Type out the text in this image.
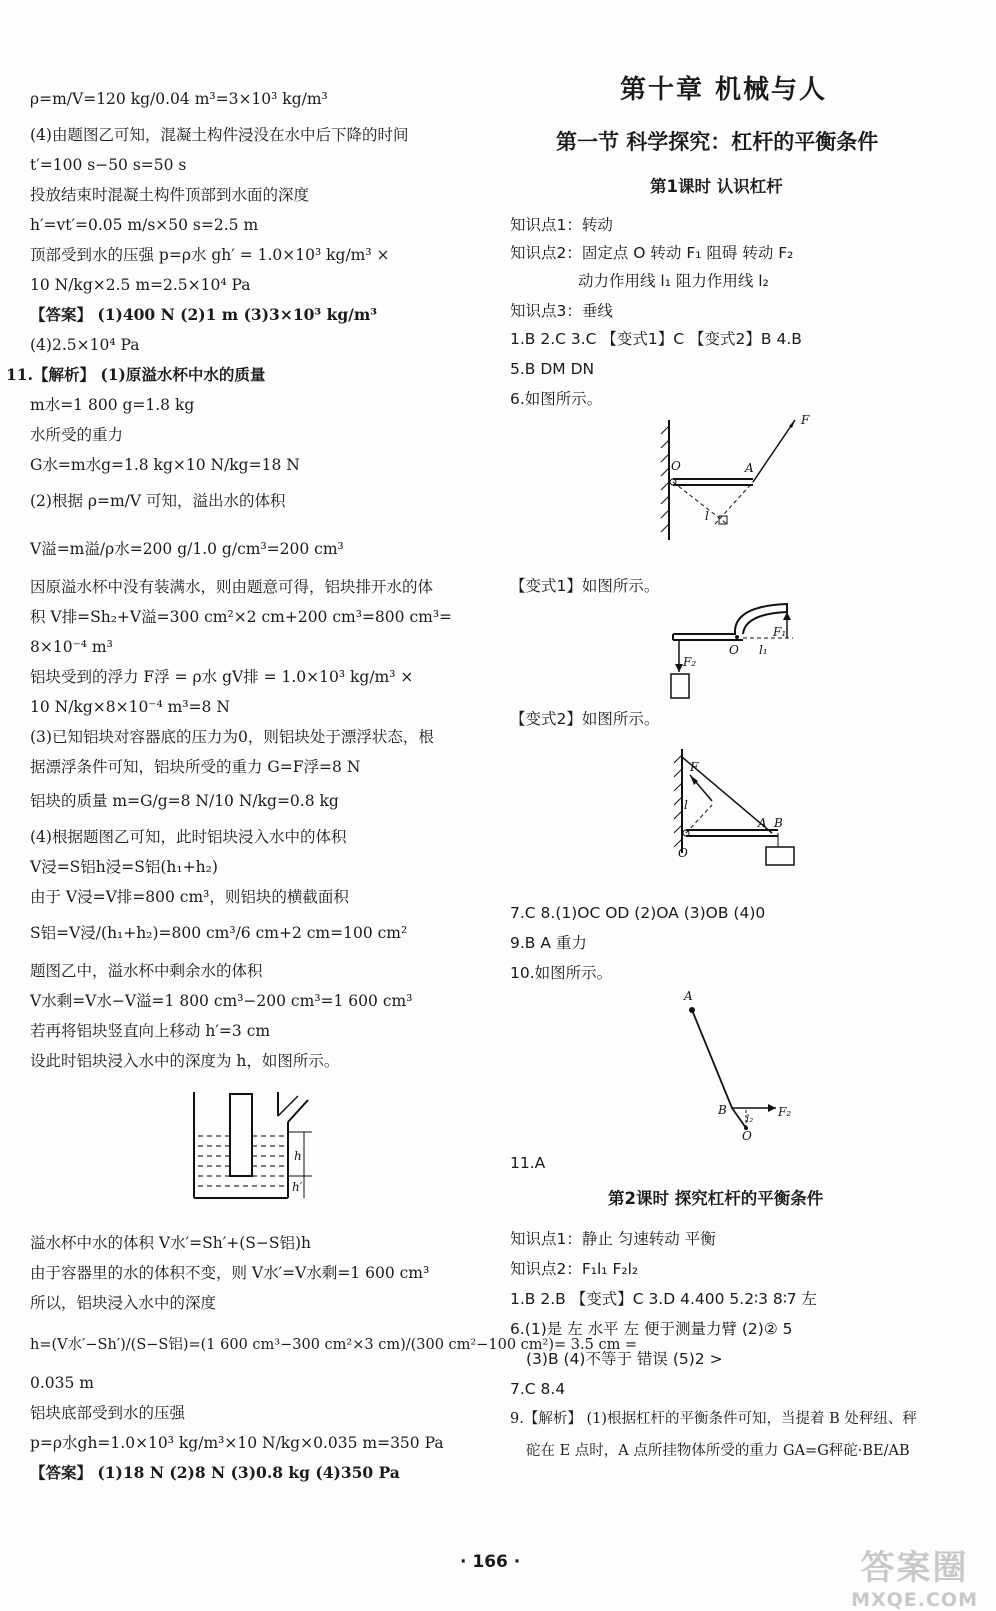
ρ=m/V=120 kg/0.04 m³=3×10³ kg/m³
(4)由题图乙可知，混凝土构件浸没在水中后下降的时间
t′=100 s−50 s=50 s
投放结束时混凝土构件顶部到水面的深度
h′=vt′=0.05 m/s×50 s=2.5 m
顶部受到水的压强 p=ρ水 gh′ = 1.0×10³ kg/m³ ×
10 N/kg×2.5 m=2.5×10⁴ Pa
【答案】 (1)400 N (2)1 m (3)3×10³ kg/m³
(4)2.5×10⁴ Pa
11.【解析】 (1)原溢水杯中水的质量
m水=1 800 g=1.8 kg
水所受的重力
G水=m水g=1.8 kg×10 N/kg=18 N
(2)根据 ρ=m/V 可知，溢出水的体积
V溢=m溢/ρ水=200 g/1.0 g/cm³=200 cm³
因原溢水杯中没有装满水，则由题意可得，铝块排开水的体
积 V排=Sh₂+V溢=300 cm²×2 cm+200 cm³=800 cm³=
8×10⁻⁴ m³
铝块受到的浮力 F浮 = ρ水 gV排 = 1.0×10³ kg/m³ ×
10 N/kg×8×10⁻⁴ m³=8 N
(3)已知铝块对容器底的压力为0，则铝块处于漂浮状态，根
据漂浮条件可知，铝块所受的重力 G=F浮=8 N
铝块的质量 m=G/g=8 N/10 N/kg=0.8 kg
(4)根据题图乙可知，此时铝块浸入水中的体积
V浸=S铝h浸=S铝(h₁+h₂)
由于 V浸=V排=800 cm³，则铝块的横截面积
S铝=V浸/(h₁+h₂)=800 cm³/6 cm+2 cm=100 cm²
题图乙中，溢水杯中剩余水的体积
V水剩=V水−V溢=1 800 cm³−200 cm³=1 600 cm³
若再将铝块竖直向上移动 h′=3 cm
设此时铝块浸入水中的深度为 h，如图所示。
h
h′
溢水杯中水的体积 V水′=Sh′+(S−S铝)h
由于容器里的水的体积不变，则 V水′=V水剩=1 600 cm³
所以，铝块浸入水中的深度
h=(V水′−Sh′)/(S−S铝)=(1 600 cm³−300 cm²×3 cm)/(300 cm²−100 cm²)= 3.5 cm =
0.035 m
铝块底部受到水的压强
p=ρ水gh=1.0×10³ kg/m³×10 N/kg×0.035 m=350 Pa
【答案】 (1)18 N (2)8 N (3)0.8 kg (4)350 Pa
第十章 机械与人
第一节 科学探究：杠杆的平衡条件
第1课时 认识杠杆
知识点1：转动
知识点2：固定点 O 转动 F₁ 阻碍 转动 F₂
动力作用线 l₁ 阻力作用线 l₂
知识点3：垂线
1.B 2.C 3.C 【变式1】C 【变式2】B 4.B
5.B DM DN
6.如图所示。
F
O	A
l
【变式1】如图所示。
F₁
F₂
O l₁
【变式2】如图所示。
F
l
A B
O
7.C 8.(1)OC OD (2)OA (3)OB (4)0
9.B A 重力
10.如图所示。
A
B	F₂
l₂
O
11.A
第2课时 探究杠杆的平衡条件
知识点1：静止 匀速转动 平衡
知识点2：F₁l₁ F₂l₂
1.B 2.B 【变式】C 3.D 4.400 5.2∶3 8∶7 左
6.(1)是 左 水平 左 便于测量力臂 (2)② 5
(3)B (4)不等于 错误 (5)2 >
7.C 8.4
9.【解析】 (1)根据杠杆的平衡条件可知，当提着 B 处秤纽、秤
砣在 E 点时，A 点所挂物体所受的重力 GA=G秤砣·BE/AB
· 166 ·	答案圈
MXQE.COM
